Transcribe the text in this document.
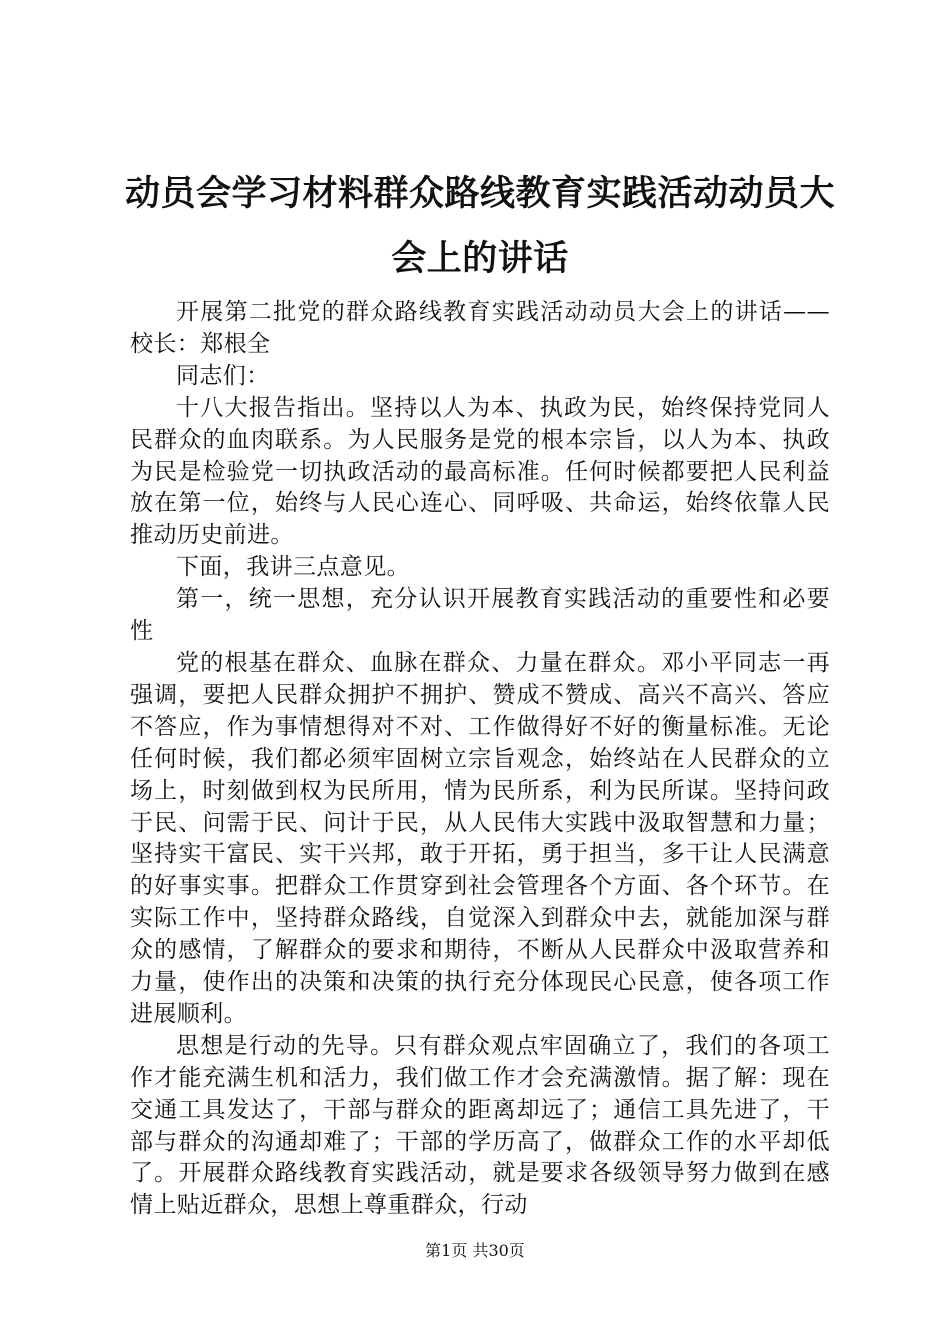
动员会学习材料群众路线教育实践活动动员大会上的讲话

开展第二批党的群众路线教育实践活动动员大会上的讲话——校长：郑根全

同志们：

十八大报告指出。坚持以人为本、执政为民，始终保持党同人民群众的血肉联系。为人民服务是党的根本宗旨，以人为本、执政为民是检验党一切执政活动的最高标准。任何时候都要把人民利益放在第一位，始终与人民心连心、同呼吸、共命运，始终依靠人民推动历史前进。

下面，我讲三点意见。

第一，统一思想，充分认识开展教育实践活动的重要性和必要性

党的根基在群众、血脉在群众、力量在群众。邓小平同志一再强调，要把人民群众拥护不拥护、赞成不赞成、高兴不高兴、答应不答应，作为事情想得对不对、工作做得好不好的衡量标准。无论任何时候，我们都必须牢固树立宗旨观念，始终站在人民群众的立场上，时刻做到权为民所用，情为民所系，利为民所谋。坚持问政于民、问需于民、问计于民，从人民伟大实践中汲取智慧和力量；坚持实干富民、实干兴邦，敢于开拓，勇于担当，多干让人民满意的好事实事。把群众工作贯穿到社会管理各个方面、各个环节。在实际工作中，坚持群众路线，自觉深入到群众中去，就能加深与群众的感情，了解群众的要求和期待，不断从人民群众中汲取营养和力量，使作出的决策和决策的执行充分体现民心民意，使各项工作进展顺利。

思想是行动的先导。只有群众观点牢固确立了，我们的各项工作才能充满生机和活力，我们做工作才会充满激情。据了解：现在交通工具发达了，干部与群众的距离却远了；通信工具先进了，干部与群众的沟通却难了；干部的学历高了，做群众工作的水平却低了。开展群众路线教育实践活动，就是要求各级领导努力做到在感情上贴近群众，思想上尊重群众，行动

第1页 共30页
